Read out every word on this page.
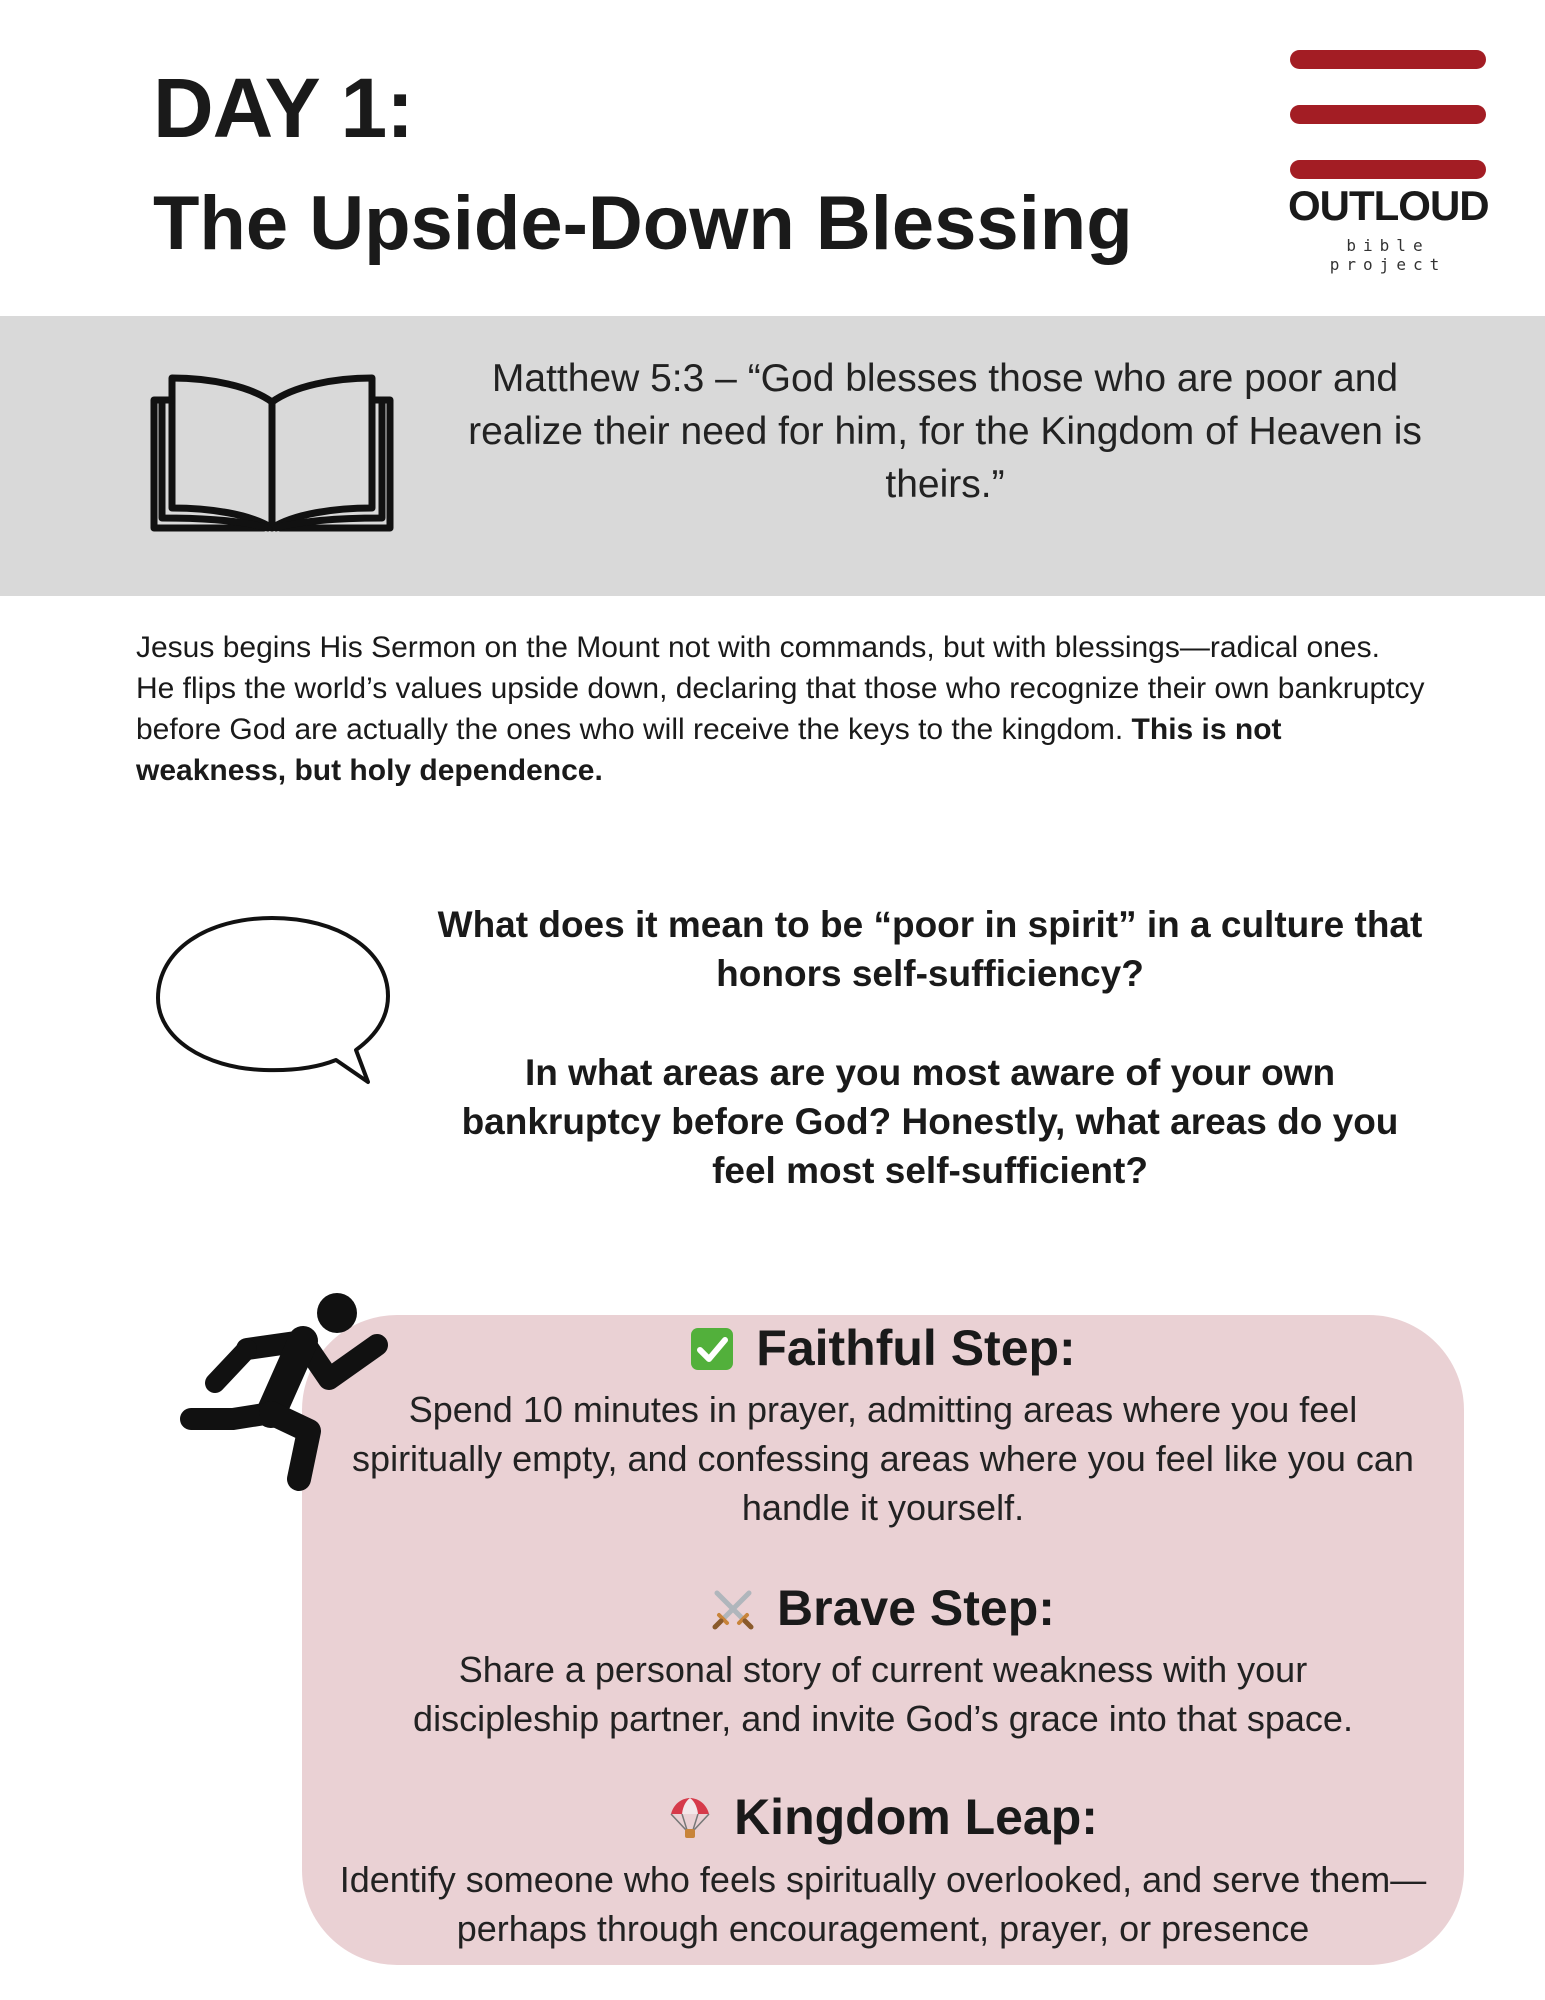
DAY 1:
The Upside-Down Blessing	OUTLOUD
bible project

Matthew 5:3 – “God blesses those who are poor and realize their need for him, for the Kingdom of Heaven is theirs.”

Jesus begins His Sermon on the Mount not with commands, but with blessings—radical ones. He flips the world’s values upside down, declaring that those who recognize their own bankruptcy before God are actually the ones who will receive the keys to the kingdom. This is not weakness, but holy dependence.

What does it mean to be “poor in spirit” in a culture that honors self-sufficiency?

In what areas are you most aware of your own bankruptcy before God? Honestly, what areas do you feel most self-sufficient?

Faithful Step:

Spend 10 minutes in prayer, admitting areas where you feel spiritually empty, and confessing areas where you feel like you can handle it yourself.

Brave Step:

Share a personal story of current weakness with your discipleship partner, and invite God’s grace into that space.

Kingdom Leap:

Identify someone who feels spiritually overlooked, and serve them—perhaps through encouragement, prayer, or presence
